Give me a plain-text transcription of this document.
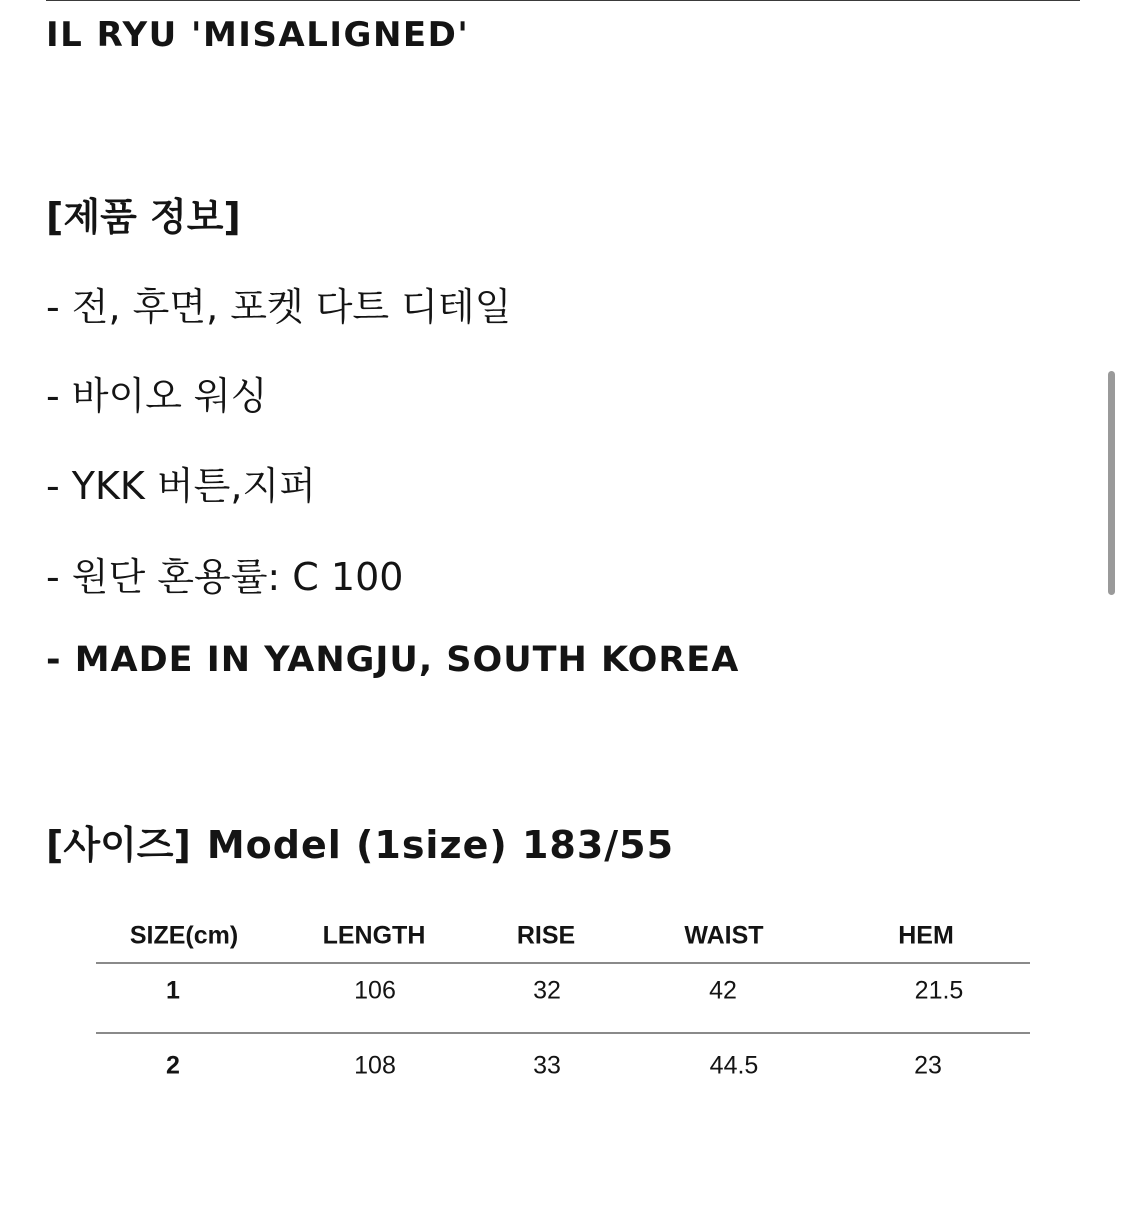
IL RYU 'MISALIGNED'
[제품 정보]
- 전, 후면, 포켓 다트 디테일
- 바이오 워싱
- YKK 버튼,지퍼
- 원단 혼용률: C 100
- MADE IN YANGJU, SOUTH KOREA
[사이즈] Model (1size) 183/55
SIZE(cm)	LENGTH	RISE	WAIST	HEM
1	106	32	42	21.5
2	108	33	44.5	23
